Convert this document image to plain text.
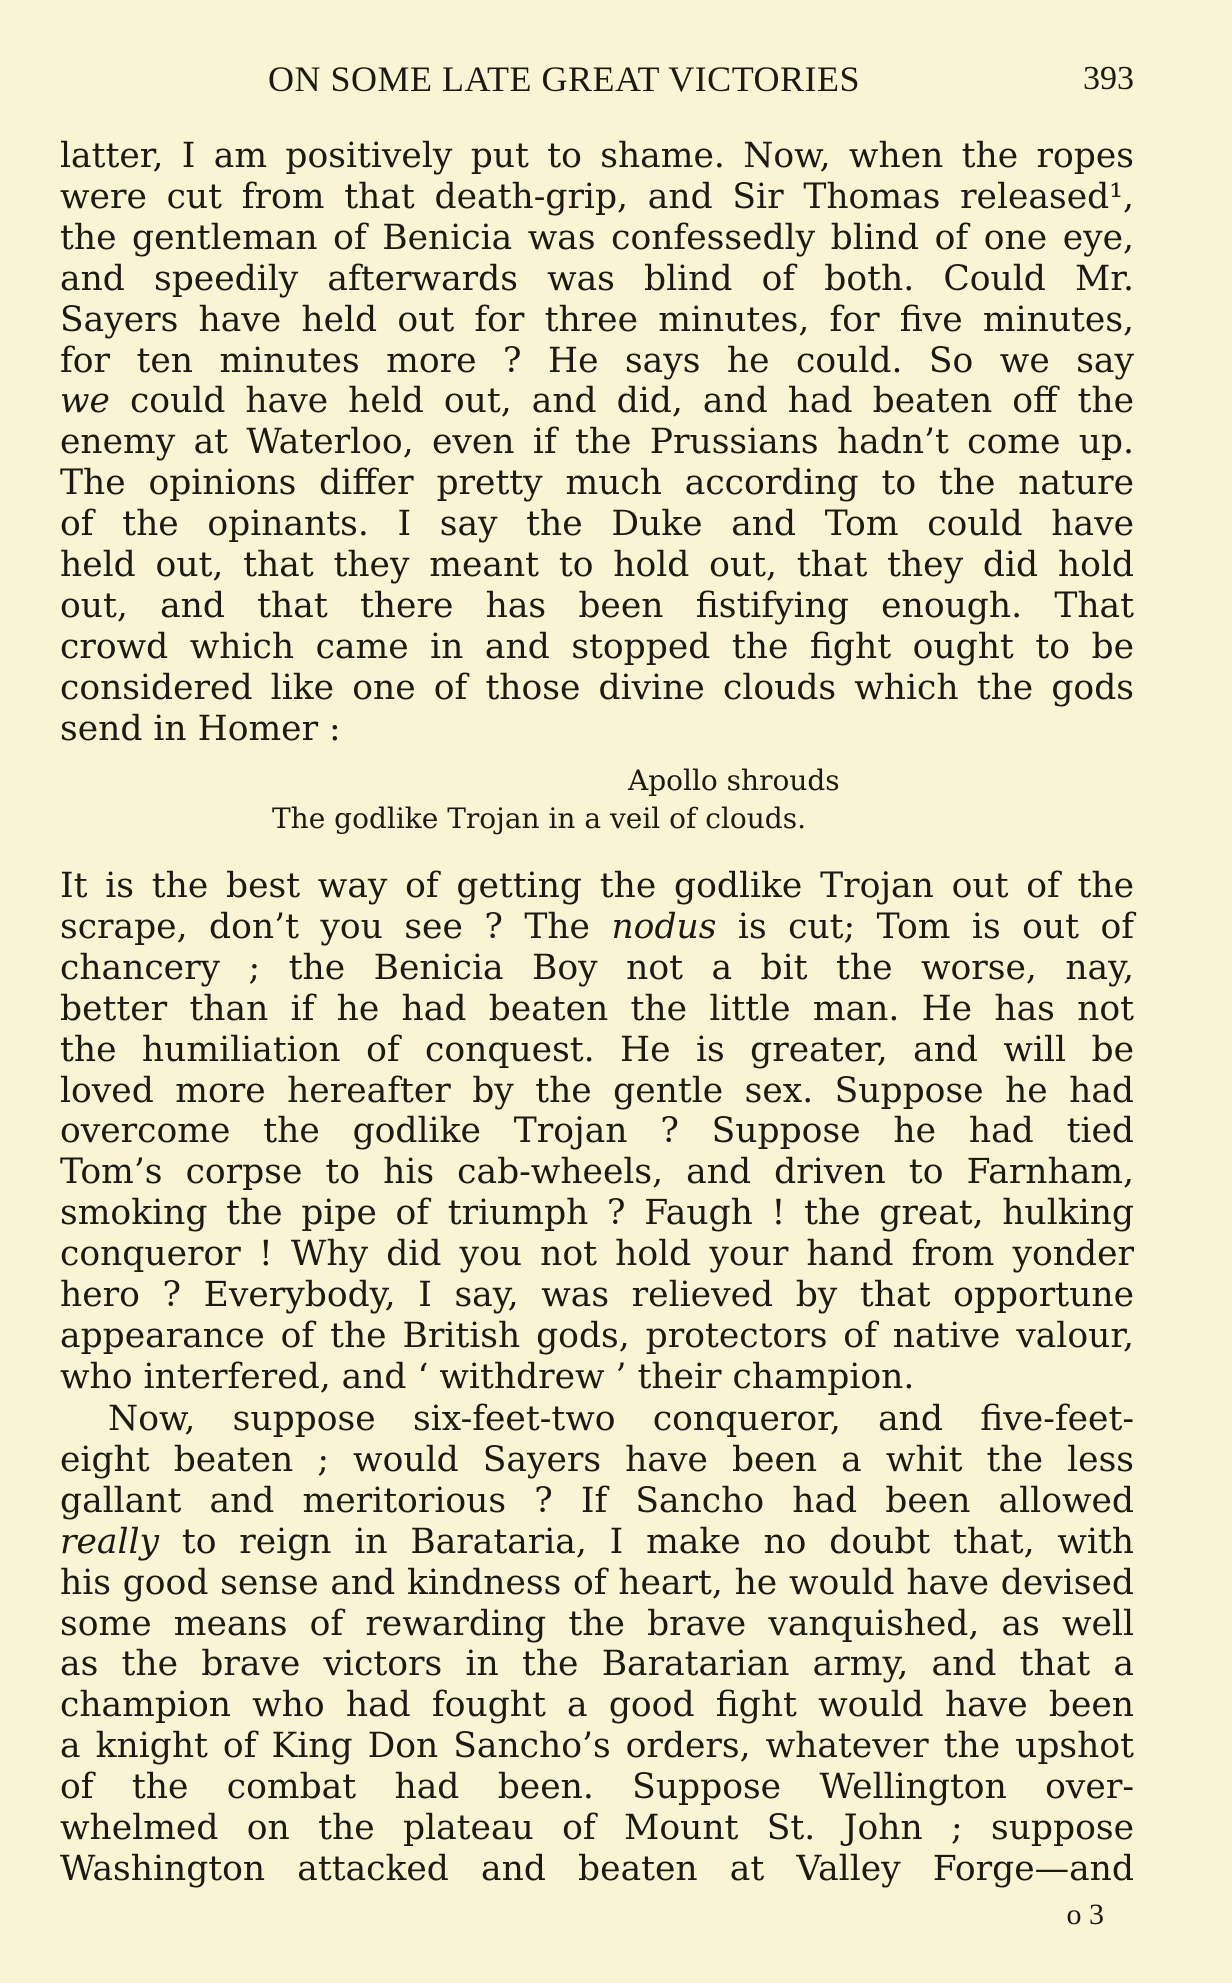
ON SOME LATE GREAT VICTORIES	393
latter, I am positively put to shame. Now, when the ropes
were cut from that death-grip, and Sir Thomas released¹,
the gentleman of Benicia was confessedly blind of one eye,
and speedily afterwards was blind of both. Could Mr.
Sayers have held out for three minutes, for five minutes,
for ten minutes more ? He says he could. So we say
we could have held out, and did, and had beaten off the
enemy at Waterloo, even if the Prussians hadn’t come up.
The opinions differ pretty much according to the nature
of the opinants. I say the Duke and Tom could have
held out, that they meant to hold out, that they did hold
out, and that there has been fistifying enough. That
crowd which came in and stopped the fight ought to be
considered like one of those divine clouds which the gods
send in Homer :
Apollo shrouds
The godlike Trojan in a veil of clouds.
It is the best way of getting the godlike Trojan out of the
scrape, don’t you see ? The nodus is cut; Tom is out of
chancery ; the Benicia Boy not a bit the worse, nay,
better than if he had beaten the little man. He has not
the humiliation of conquest. He is greater, and will be
loved more hereafter by the gentle sex. Suppose he had
overcome the godlike Trojan ? Suppose he had tied
Tom’s corpse to his cab-wheels, and driven to Farnham,
smoking the pipe of triumph ? Faugh ! the great, hulking
conqueror ! Why did you not hold your hand from yonder
hero ? Everybody, I say, was relieved by that opportune
appearance of the British gods, protectors of native valour,
who interfered, and ‘ withdrew ’ their champion.
Now, suppose six-feet-two conqueror, and five-feet-
eight beaten ; would Sayers have been a whit the less
gallant and meritorious ? If Sancho had been allowed
really to reign in Barataria, I make no doubt that, with
his good sense and kindness of heart, he would have devised
some means of rewarding the brave vanquished, as well
as the brave victors in the Baratarian army, and that a
champion who had fought a good fight would have been
a knight of King Don Sancho’s orders, whatever the upshot
of the combat had been. Suppose Wellington over-
whelmed on the plateau of Mount St. John ; suppose
Washington attacked and beaten at Valley Forge—and
o 3
